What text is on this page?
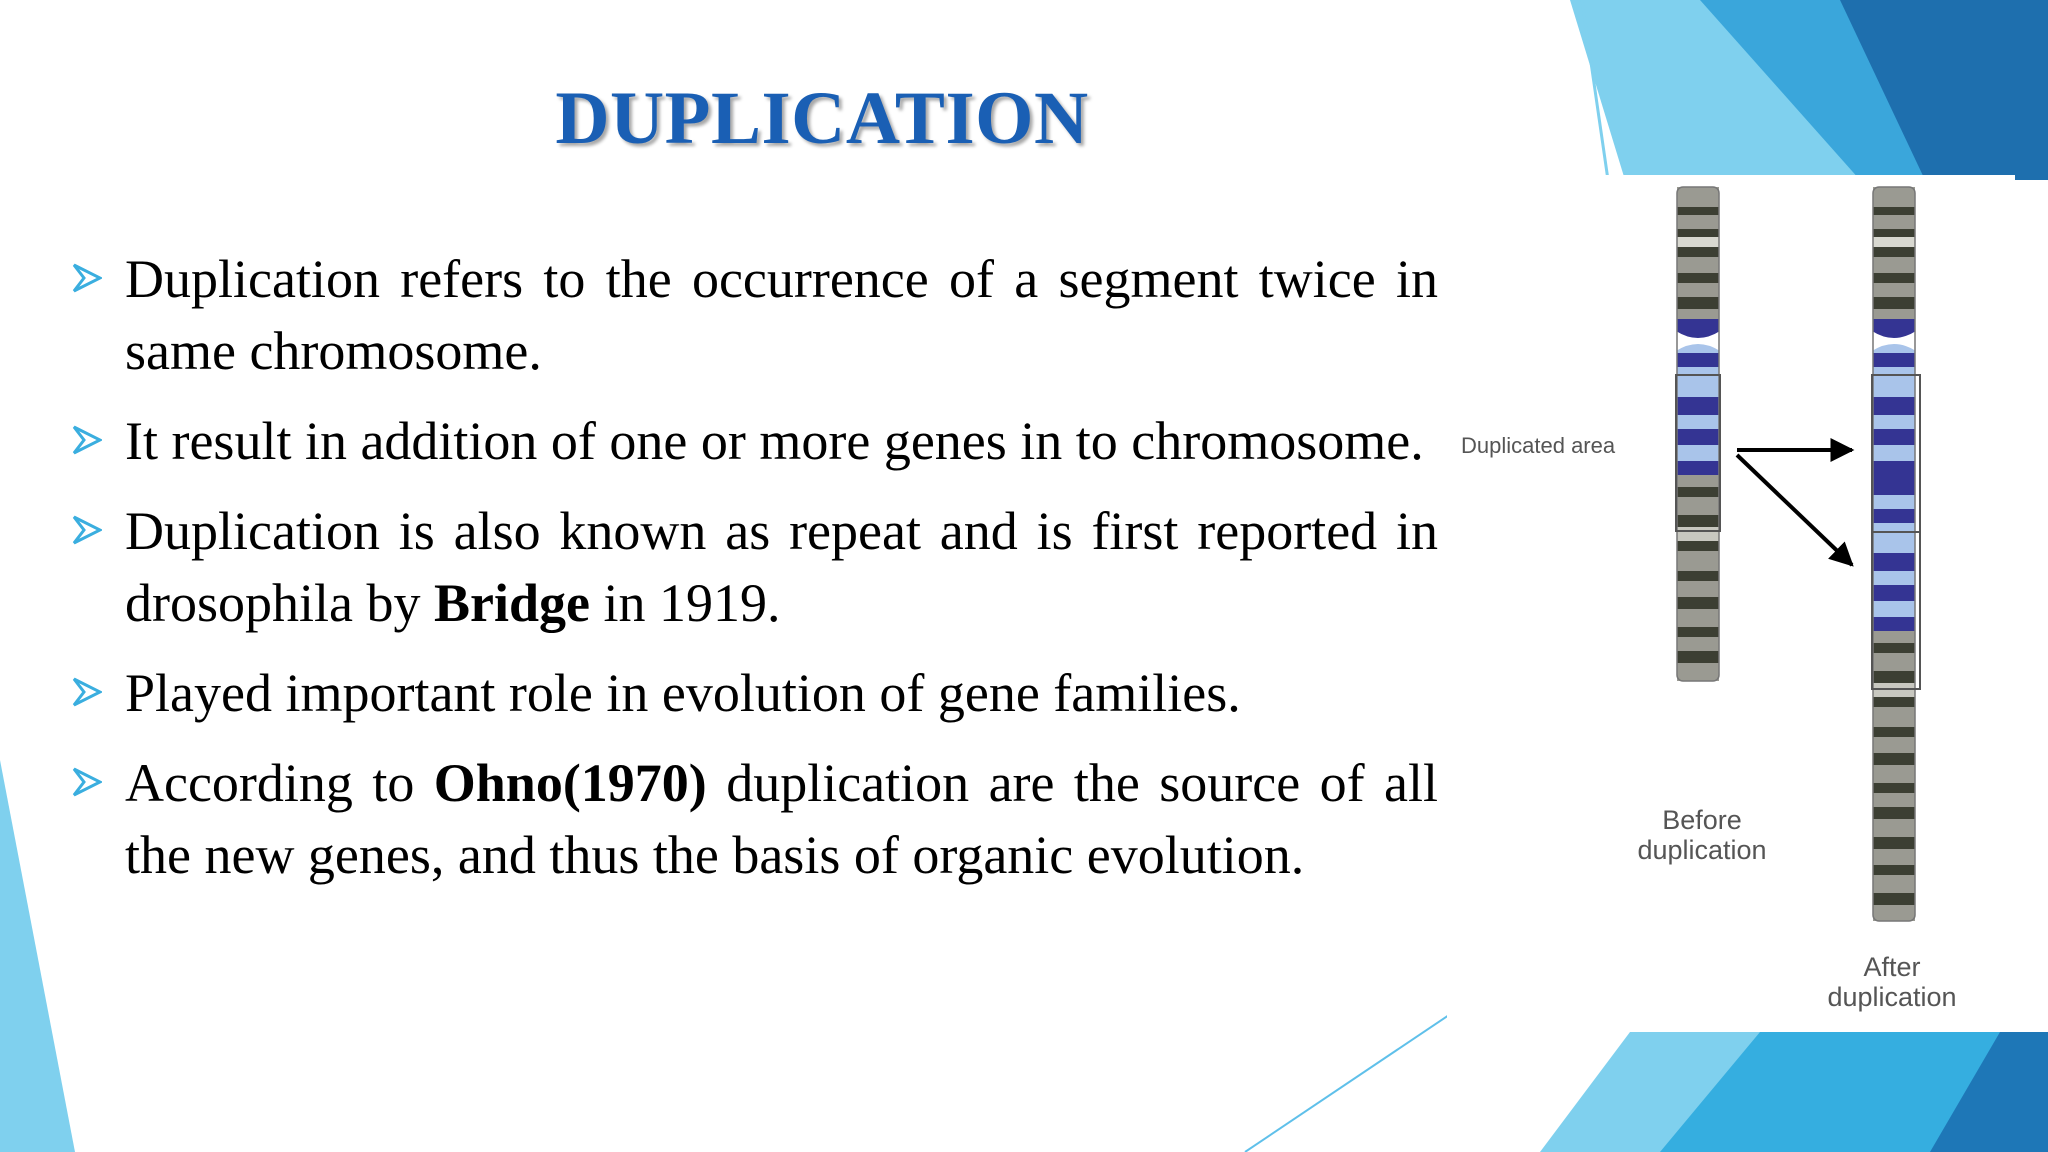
DUPLICATION
Duplication refers to the occurrence of a segment twice in same chromosome.
It result in addition of one or more genes in to chromosome.
Duplication is also known as repeat and is first reported in drosophila by Bridge in 1919.
Played important role in evolution of gene families.
According to Ohno(1970) duplication are the source of all the new genes, and thus the basis of organic evolution.
Duplicated area
Before
duplication
After
duplication
